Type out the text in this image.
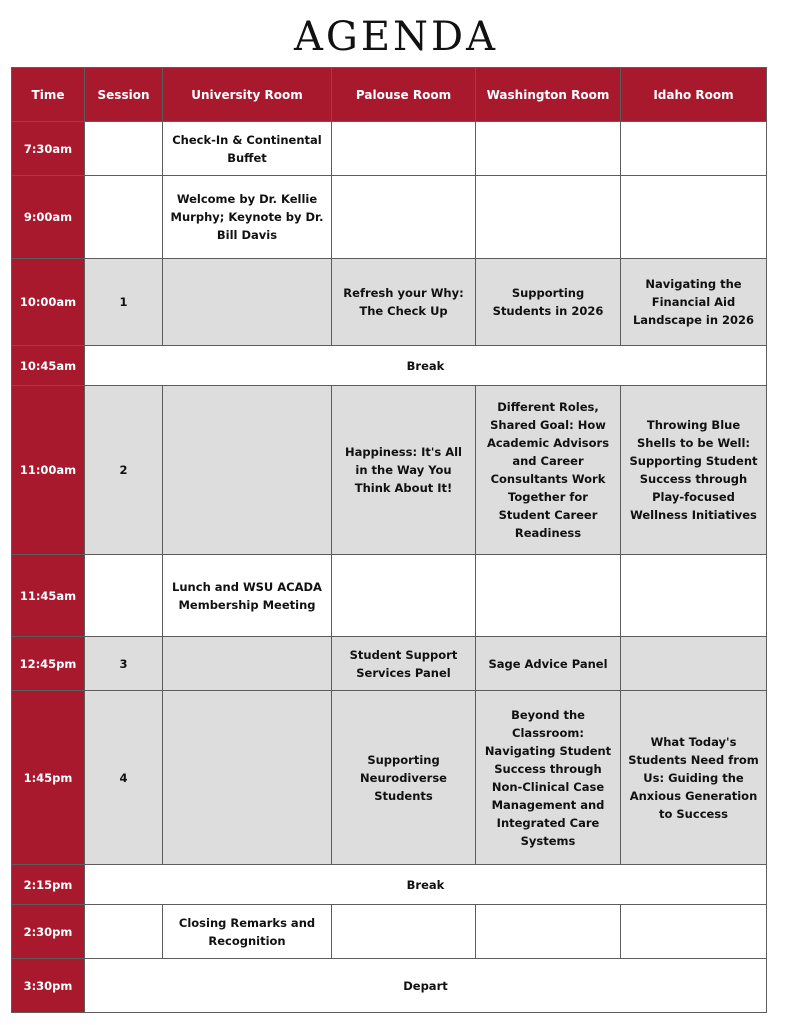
AGENDA
Time	Session	University Room	Palouse Room	Washington Room	Idaho Room
7:30am		Check-In & Continental Buffet			
9:00am		Welcome by Dr. Kellie Murphy; Keynote by Dr. Bill Davis			
10:00am	1		Refresh your Why: The Check Up	Supporting Students in 2026	Navigating the Financial Aid Landscape in 2026
10:45am	Break				
11:00am	2		Happiness: It's All in the Way You Think About It!	Different Roles, Shared Goal: How Academic Advisors and Career Consultants Work Together for Student Career Readiness	Throwing Blue Shells to be Well: Supporting Student Success through Play-focused Wellness Initiatives
11:45am		Lunch and WSU ACADA Membership Meeting			
12:45pm	3		Student Support Services Panel	Sage Advice Panel	
1:45pm	4		Supporting Neurodiverse Students	Beyond the Classroom: Navigating Student Success through Non-Clinical Case Management and Integrated Care Systems	What Today's Students Need from Us: Guiding the Anxious Generation to Success
2:15pm	Break				
2:30pm		Closing Remarks and Recognition			
3:30pm	Depart				
